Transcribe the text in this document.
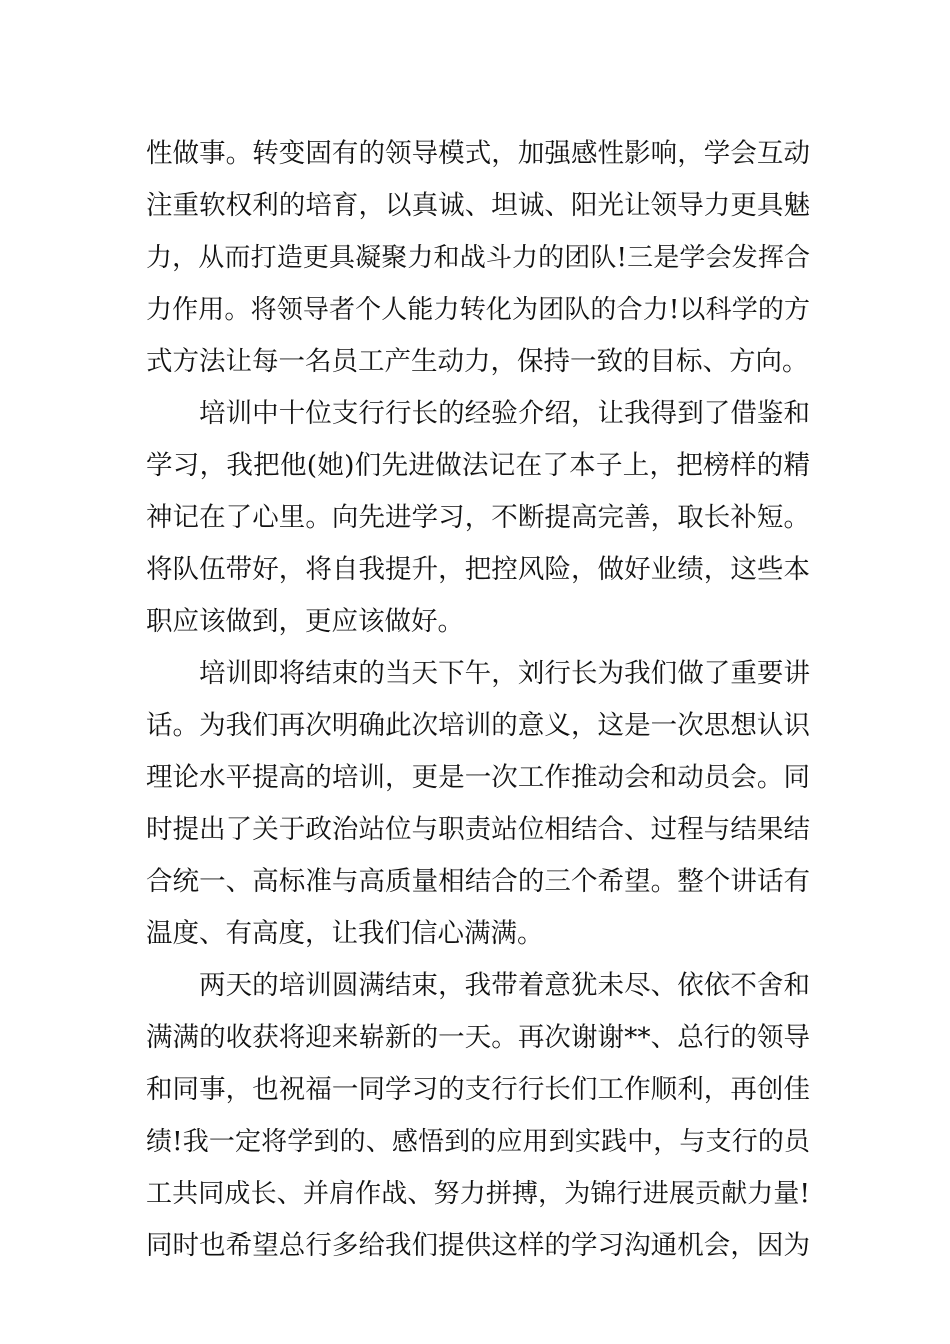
性做事。转变固有的领导模式，加强感性影响，学会互动
注重软权利的培育，以真诚、坦诚、阳光让领导力更具魅
力，从而打造更具凝聚力和战斗力的团队!三是学会发挥合
力作用。将领导者个人能力转化为团队的合力!以科学的方
式方法让每一名员工产生动力，保持一致的目标、方向。
培训中十位支行行长的经验介绍，让我得到了借鉴和
学习，我把他(她)们先进做法记在了本子上，把榜样的精
神记在了心里。向先进学习，不断提高完善，取长补短。
将队伍带好，将自我提升，把控风险，做好业绩，这些本
职应该做到，更应该做好。
培训即将结束的当天下午，刘行长为我们做了重要讲
话。为我们再次明确此次培训的意义，这是一次思想认识
理论水平提高的培训，更是一次工作推动会和动员会。同
时提出了关于政治站位与职责站位相结合、过程与结果结
合统一、高标准与高质量相结合的三个希望。整个讲话有
温度、有高度，让我们信心满满。
两天的培训圆满结束，我带着意犹未尽、依依不舍和
满满的收获将迎来崭新的一天。再次谢谢**、总行的领导
和同事，也祝福一同学习的支行行长们工作顺利，再创佳
绩!我一定将学到的、感悟到的应用到实践中，与支行的员
工共同成长、并肩作战、努力拼搏，为锦行进展贡献力量!
同时也希望总行多给我们提供这样的学习沟通机会，因为
